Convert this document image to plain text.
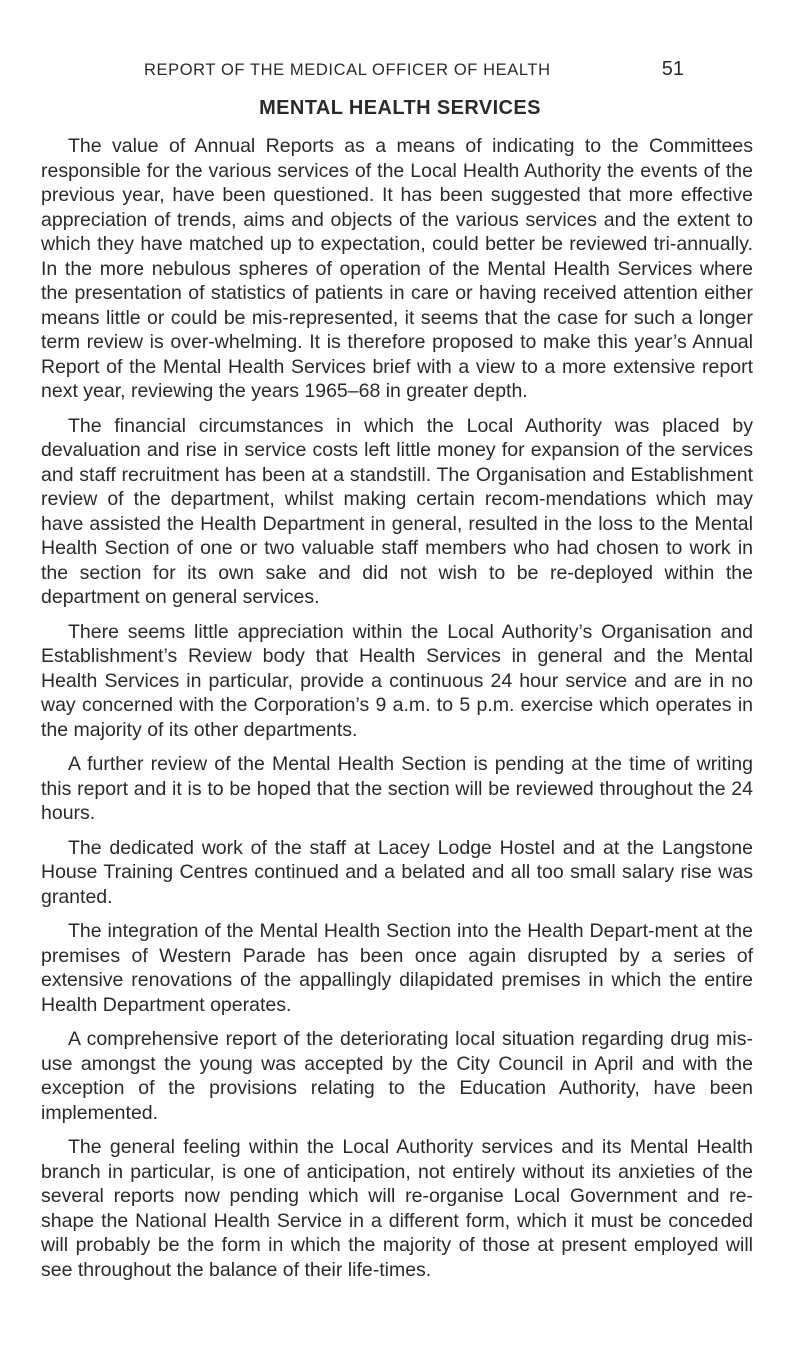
REPORT OF THE MEDICAL OFFICER OF HEALTH	51
MENTAL HEALTH SERVICES

The value of Annual Reports as a means of indicating to the Committees responsible for the various services of the Local Health Authority the events of the previous year, have been questioned. It has been suggested that more effective appreciation of trends, aims and objects of the various services and the extent to which they have matched up to expectation, could better be reviewed tri-annually. In the more nebulous spheres of operation of the Mental Health Services where the presentation of statistics of patients in care or having received attention either means little or could be mis-represented, it seems that the case for such a longer term review is over-whelming. It is therefore proposed to make this year’s Annual Report of the Mental Health Services brief with a view to a more extensive report next year, reviewing the years 1965–68 in greater depth.

The financial circumstances in which the Local Authority was placed by devaluation and rise in service costs left little money for expansion of the services and staff recruitment has been at a standstill. The Organisation and Establishment review of the department, whilst making certain recom-mendations which may have assisted the Health Department in general, resulted in the loss to the Mental Health Section of one or two valuable staff members who had chosen to work in the section for its own sake and did not wish to be re-deployed within the department on general services.

There seems little appreciation within the Local Authority’s Organisation and Establishment’s Review body that Health Services in general and the Mental Health Services in particular, provide a continuous 24 hour service and are in no way concerned with the Corporation’s 9 a.m. to 5 p.m. exercise which operates in the majority of its other departments.

A further review of the Mental Health Section is pending at the time of writing this report and it is to be hoped that the section will be reviewed throughout the 24 hours.

The dedicated work of the staff at Lacey Lodge Hostel and at the Langstone House Training Centres continued and a belated and all too small salary rise was granted.

The integration of the Mental Health Section into the Health Depart-ment at the premises of Western Parade has been once again disrupted by a series of extensive renovations of the appallingly dilapidated premises in which the entire Health Department operates.

A comprehensive report of the deteriorating local situation regarding drug mis-use amongst the young was accepted by the City Council in April and with the exception of the provisions relating to the Education Authority, have been implemented.

The general feeling within the Local Authority services and its Mental Health branch in particular, is one of anticipation, not entirely without its anxieties of the several reports now pending which will re-organise Local Government and re-shape the National Health Service in a different form, which it must be conceded will probably be the form in which the majority of those at present employed will see throughout the balance of their life-times.
